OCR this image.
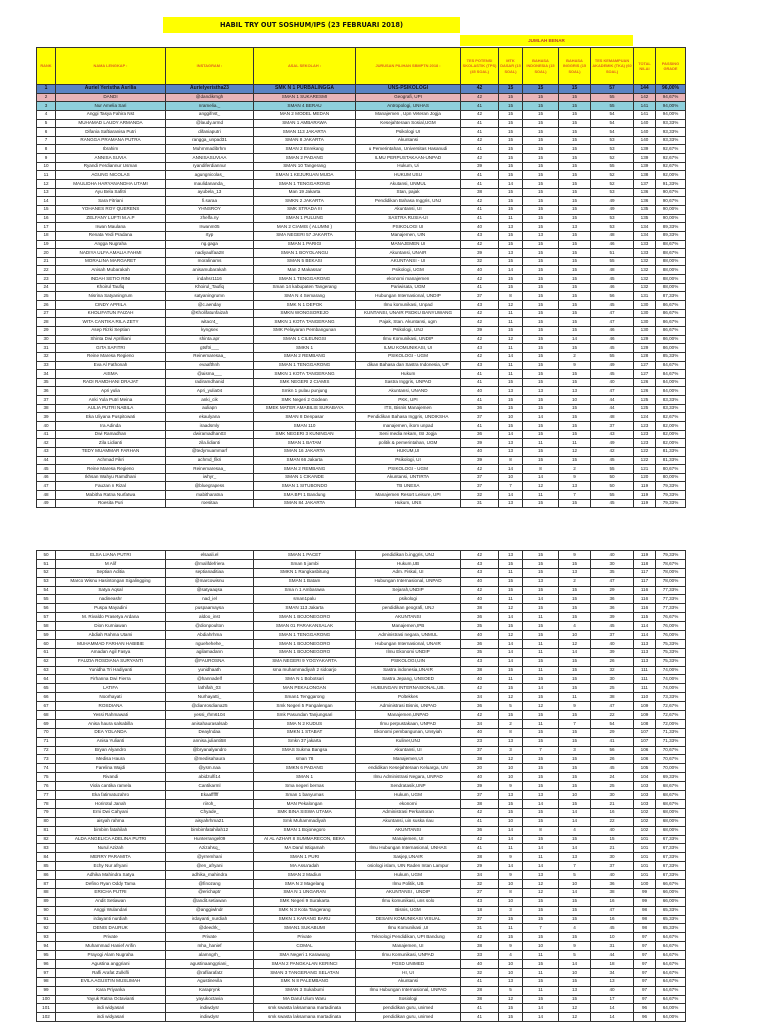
HABIL TRY OUT SOSHUM/IPS (23 FEBRUARI 2018)
JUMLAH BENAR
RANK	NAMA LENGKAP :	INSTAGRAM :	ASAL SEKOLAH :	JURUSAN PILIHAN SBMPTN 2018 :	TES POTENSI SKOLASTIK (TPS) (45 SOAL)	MTK DASAR (15 SOAL)	BAHASA INDONESIA (15 SOAL)	BAHASA INGGRIS (15 SOAL)	TES KEMAMPUAN AKADEMIK (TKA) (60 SOAL)	TOTAL NILAI	PASSING GRADE
1	Auriel Yeristha Asrilia	Aurielyeristha23	SMK N 1 PURBALINGGA	UNS-PSIKOLOGI	42	15	15	15	57	144	96,00%
2	DANDI	@dandikrngh	SMAN 1 SUKARESMI	Geografi, UPI	42	15	15	15	55	142	94,67%
3	Nur Amelia Sari	nramelia._	SMAN 4 BERAU	Antropologi, UNHAS	41	15	15	15	55	141	94,00%
4	Anggi Tasya Fahira Nst	anggifnst_	MAN 2 MODEL MEDAN	Manajemen , Upn Veteran Jogja	42	15	15	15	54	141	94,00%
5	MUHAMAD LAUDY ARMANDA	@laudy.armd	SMAN 1 AMBARAWA	Kesejahteraan Sosial,UGM	41	15	15	15	54	140	93,33%
6	Difania Saftiaranisa Putri	difaniaputri	SMAN 113 JAKARTA	Psikologi UI	41	15	15	15	54	140	93,33%
7	RANGGA PRAMANA PUTRA	rangga_unpad31	SMAN 8 JAKARTA	Akuntansi	42	15	15	15	53	140	93,33%
8	Ibrahim	Muhmmadibrhm	SMAN 2 Enrekang	u Pemerintahan, Universitas Hasanudi	41	15	15	15	53	139	92,67%
9	ANNISA SUVIA	ANNISASUVIAA	SMAN 2 PADANG	ILMU PERPUSTAKAAN-UNPAD	42	15	15	15	52	139	92,67%
10	Ryandi Ferdiannur Usman	ryandiferdiannur	SMAN 10 Tangerang	Hukum, Ui	39	15	15	15	55	139	92,67%
11	AGUNG NICOLAS	agungnicolas_	SMAN 1 KEJURUAN MUDA	HUKUM USU	41	15	15	15	52	138	92,00%
12	MAULIDHA HARYANANDHA UTAMI	maulidananda_	SMAN 1 TENGGARONG	Akutansi, UNMUL	41	14	15	15	52	137	91,33%
13	Ayu Bela Safitri	ayubela_13	Man 19 Jakarta	Stan, pajak	38	15	15	15	53	136	90,67%
14	Sara Fitriani	fi.saraa	SMKN 2 JAKARTA	Pendidikan Bahasa Inggris, UNJ	42	15	15	15	49	136	90,67%
15	YOHANES ROY QUERENS	YHNSROY	SMK STRADA III	Akuntansi, UI	41	15	15	15	49	135	90,00%
16	ZELFANY LUFTI M.A.P	zhelfa.ny	SMAN 1 PULUNG	SASTRA RUSIA-UI	41	11	15	15	53	135	90,00%
17	Irwan Maulana	Irwanm05	MAN 2 CIAMIS ( ALUMNI )	PSIKOLOGI UI	40	13	15	13	53	134	89,33%
18	Renata Yedi Pradana	rtyp	SMA NEGERI 57 JAKARTA	Manajemen, UIN	43	15	13	15	48	134	89,33%
19	Angga Nugraha	ng.gaga	SMAN 1 PARIGI	MANAJEMEN UI	42	15	15	15	46	133	88,67%
20	NADIYA ULFA AMALIA FAHMI	nadiyaulfaa28	SMAN 1 BOYOLANGU	Akuntansi, UNAIR	39	13	15	15	51	133	88,67%
21	MORALINA MARGARET	moralinams	SMAN 5 BEKASI	AKUNTANSI - UI	32	15	15	15	55	132	88,00%
22	Anisah Mubarakah	anisamubarakah	Man 2 Makassar	Psikologi, UGM	40	14	15	15	48	132	88,00%
23	INDAH SETIO RINI	indahsr1116	SMAN 1 TENGGARONG	ekonomi manajemen	42	15	15	15	45	132	88,00%
24	Khoirul Taufiq	Khoirul_Taufiq	Sman 14 kabupaten Tangerang	Pariwisata, UGM	41	15	15	15	46	132	88,00%
25	Nisrina Satyaningrum	satyaningrumn	SMA N 4 Semarang	Hubungan Internasional, UNDIP	37	8	15	15	56	131	87,33%
26	CINDY APRILA	@c.aenday	SMK N 1 DEPOK	Ilmu komunikasi, Unpad	43	12	15	15	45	130	86,67%
27	KHOLIFATUN FAIZAH	@Kholifatunfaizah	SMKN WONGSOREJO	KUNTANSI, UNAIR PSDKU BANYUWANG	42	11	15	15	47	130	86,67%
28	WITA CANTIKA RILA ZETY	witacr4_	SMKN 1 KOTA TANGERANG	Pajak, Stan. Akuntansi, ugm	42	11	15	15	47	130	86,67%
29	Asep Rizki Septian	kyngsex	SMK Pelayaran Pembangunan	Psikologi, UNJ	39	15	15	15	46	130	86,67%
30	Shinta Dwi Aprilliani	shinta.apr	SMAN 1 CILEUNGSI	Ilmu Komunikasi, UNDIP	42	12	15	14	46	129	86,00%
31	GITA SAFITRI	gtsftri___	SMKN 1	ILMU KOMUNIKASI, UI	43	11	15	15	45	129	86,00%
32	Reine Maresa Regieno	Reinemaresaa_	SMAN 2 REMBANG	PSIKOLOGI - UGM	42	14	15	2	55	128	85,33%
33	Eva Al Fathonah	evaafthnh	SMAN 1 TENGGARONG	dikan Bahasa dan Sastra Indonesia, UP	43	11	15	9	49	127	84,67%
34	AISMA	@aisma___	SMKN 1 KOTA TANGERANG	Hukum	41	11	15	15	45	127	84,67%
35	RADI RAMDHANI DRAJAT	radiramdhanid	SMK NEGERI 2 CIAMIS	Sastra Inggris, UNPAD	41	15	15	15	40	126	84,00%
36	Apri yulia	Apri_yulia04	Smkn 1 pulau punjung	Akuntansi, UNAND	40	13	13	13	47	126	84,00%
37	Anki Yula Putri Meina	anki_cik	SMK Negeri 2 Godean	PKK, UPI	41	15	15	10	44	125	83,33%
38	AULIA PUTRI NABILA	auliapn	SMEK MATER AMABILIS SURABAYA	ITS, Bisnis Manajemen	36	15	15	15	44	125	83,33%
39	Eka Uliyana Puspitowati	ekaulyana	SMAN 8 Denpasar	Pendidikan Bahasa Inggris, UNDIKSHA	37	10	14	15	48	124	82,67%
40	Ira Adinda	iraadsmly	SMAN 110	manajemen, ikom unpad	41	15	15	15	37	123	82,00%
41	Dwi Ramadhan	dwiramadhan03	SMK NEGERI 3 KUNINGAN	Seni media rekam, ISI Jogja	36	14	15	15	43	123	82,00%
42	Zila Lidianti	zila.lidianti	SMAN 1 BATAM	politik & pemerintahan, UGM	39	13	11	11	49	123	82,00%
43	TEDY MUAMMAR FARHAN	@tedymuammarf	SMAN 16 JAKARTA	HUKUM,UI	40	13	15	12	42	122	81,33%
44	Achmad Fikri	achmd_fikri	SMAN 66 Jakarta	Psikologi, UI	39	8	15	15	45	122	81,33%
45	Reine Maresa Regieno	Reinemaresaa_	SMAN 2 REMBANG	PSIKOLOGI - UGM	42	14	8	2	55	121	80,67%
46	Ikhsan Wahyu Ramdhani	iwhyr_	SMAN 1 CIKANDE	Akuntansi, UNTIRTA	37	10	14	9	50	120	80,00%
47	Fauzan n Rizal	@bluegrapess	SMAN 1 SITUBONDO	TB UNESA	37	7	12	13	50	119	79,33%
48	Mabitha Ratna Nurfatwa	mabitharatna	SMA BPI 1 Bandung	Manajemen Resort Leisure, UPI	32	14	11	7	55	119	79,33%
49	Roesita Puri	roesitaa	SMAN 84 JAKARTA	Hukum, UNS	31	13	15	15	45	119	79,33%
50	ELSA LIANA PUTRI	elsaali.el	SMAN 1 PACET	pendidikan b.inggris, UNJ	42	13	15	9	40	119	79,33%
51	M Alif	@malifdefriera	Sman 5 jambi	Hukum,UB	43	15	15	15	30	118	78,67%
52	Septian Aditia	septianaditiaa	SMKN 1 Rangkasbitung	Adm. Fiskal, UI	43	11	15	13	35	117	78,00%
53	Marco Wisnu Hasintongan Sigalingging	@marcowisnu	SMAN 1 Batam	Hubungan Internasional, UNPAD	40	15	13	2	47	117	78,00%
54	Satya Aqsal	@satyaaqsa	Sma n 1 Ambarawa	Sejarah,UNDIP	42	15	15	15	29	116	77,33%
55	nadineashr	nad_iel	sman1palu	psikologi	40	11	14	15	36	116	77,33%
56	Puspa Mayadini	puspaamaysa	SMAN 113 Jakarta	pendidikan geografi, UNJ	38	12	15	15	36	116	77,33%
57	M. Rivaldo Prasetya Ardana	aldoo_inst	SMAN 1 BOJONEGORO	AKUNTANSI	36	14	11	15	39	115	76,67%
58	Dion Kurniawan	@dionpoulton	SMAN 01 PARAKANSALAK	Manajemen,IPB	35	15	15	4	45	114	76,00%
59	Abdiah Rahma Utami	Abdiahrhma	SMAN 1 TENGGARONG	Administrasi negara, UNMUL	40	12	15	10	37	114	76,00%
60	MUHAMMAD FARHAN HABIBIE	nguehehehe_	SMAN 1 BOJONEGORO	Hubungan Internasional, UNAIR	36	14	11	12	40	113	75,33%
61	Amadan Agil Fasya	agilamadann	SMAN 1 BOJONEGORO	Ilmu Ekonomi UNDIP	35	14	11	14	39	113	75,33%
62	FAUZIA ROSDIANA SURYANTI	@FAUROSNA	SMA NEGERI 9 YOGYAKARTA	PSIKOLOGI,UIN	43	14	15	15	26	113	75,33%
63	Yunidha Tri Hadiyanti	yunidhaath	sma muhammadiyah 2 sidoarjo	Sastra indonesia,UNAIR	38	15	11	15	32	111	74,00%
64	Firhanna Dwi Fierra	@hannadelf	SMA N 1 Bobotsari	Sastra Jepang, UNSOED	40	11	15	15	30	111	74,00%
65	LATIFA	lathifah_03	MAN PEKALONGAN	HUBUNGAN INTERNASIONAL,UB.	42	15	14	15	25	111	74,00%
66	Noorhayati	Nurhayatti_	Sman1 Tenggarong	Poltekkes	34	12	15	11	38	110	73,33%
67	ROSDIANA	@dianrosdiana25	Smk Negeri 5 Pangalengan	Administrasi Bisnis, UNPAD	36	5	12	9	47	109	72,67%
68	Yessi Rahmawati	yessi_rhm6104	Smk Pasundan Tanjungsari	Manajemen,UNPAD	42	15	15	15	22	109	72,67%
69	Anisa haura salsabilla	anisahaurasalsab	SMA N 2 KUDUS	Ilmu perpustakaan, UNPAD	34	2	11	7	54	108	72,00%
70	DEA YOLANDA	Deaylndaa	SMKN 1 STABAT	Ekonomi pembangunan, Unsyiah	40	8	15	15	29	107	71,33%
71	Anisa Yulianti	annisa.julianti58	Smkn 37 jakarta	Kuliner,UNJ	23	13	15	15	41	107	71,33%
72	Bryan Alyandro	@bryanalyandro	SMAS Sukma Bangsa	Akuntansi, UI	37	3	7	3	56	106	70,67%
73	Medisa Haura	@medisahaura	sman 78	Manajemen,UI	38	12	15	15	26	106	70,67%
74	Farelina Wajdi	@ysm.naa	SMKN 6 PADANG	endidikan Kesejahteraan Keluarga, UN	20	10	15	15	45	105	70,00%
75	Rivandi	abidzulfi14	SMAN 1	Ilmu Administrasi Negara, UNPAD	40	10	15	15	24	104	69,33%
76	Viola cantika ramela	Cantikarml	Sma negeri bernas	Sendratasik,UNP	39	9	15	15	25	103	68,67%
77	Eka fatimatuzahro	Ekaaffffff	Sman 1 banyumas	Hukum, UGM	37	13	13	10	30	103	68,67%
78	Horirotul Janah	riiroh_	MAN Pekalongan	ekonomi	38	15	14	15	21	103	68,67%
79	Erni Dwi Cahyani	Chyade_	SMK BINA SISWA UTAMA	Administrasi Perkantoran	42	15	15	14	16	102	68,00%
80	aisyah rahma	aisyahrhma21	Smk Muhammadiyah	Akuntansi, uin suska riau	41	10	15	14	22	102	68,00%
81	bimbim fatahilah	bimbimfatahilah12	SMAN 1 Bojonegoro	AKUNTANSI	36	14	8	4	40	102	68,00%
82	ALDA ANGELICA ADELINA PUTRI	Hunterrangel09	AI AL AZHAR 8 SUMMARECON, BEKA	Manajemen, UI	42	14	15	15	15	101	67,33%
83	Nurul Azizah	Azizahsq_	MA Darul Istiqamah	Ilmu Hubungan Internasional, UNHAS	41	11	14	14	21	101	67,33%
84	MERRY PARAMITA	@yrremhani	SMAN 1 PURI	Sasjep,UNAIR	38	9	11	13	30	101	67,33%
85	Echy Nur afryani	@en_afryani	MA Assa'adah	osiologi islam, UIN Raden Intan Lampur	29	14	14	7	37	101	67,33%
86	Adhika Mahindra Satya	adhika_mahindra	SMAN 2 Madiun	Hukum, UGM	34	9	13	5	40	101	67,33%
87	Defino Ryan Oddy Tama	@finozang	SMA N 2 Magelang	Ilmu Politik, UB	32	10	12	10	36	100	66,67%
88	ERICHA PUTRI	@erichaptr	SMA N 1 UNGARAN	AKUNTANSI , UNDIP	27	8	12	14	38	99	66,00%
89	Andit Setiawan	@andit.setiawan	SMK Negeri 9 Surakarta	Ilmu komunikasi, uns solo	43	10	15	15	16	99	66,00%
90	Anggi Wulandari	@anggiwlndr	SMK N 3 Kota Tangerang	Bisnis, UGM	18	3	15	15	47	98	65,33%
91	irdayanti nurdiah	irdayanti_nurdiah	SMKN 1 KARANG BARU	DESAIN KOMUNIKASI VISUAL	37	15	15	15	16	98	65,33%
92	DENIS DAURUK	@deedrk_	SMAN1 SUKABUMI	Ilmu Komunikasi ,UI	31	11	7	4	45	98	65,33%
93	Private	Private	Private	Teknologi Pendidikan, UPI Bandung	42	15	15	15	10	97	64,67%
94	Muhammad Hanief Arifin	mha_hanief	COMAL	Manajemen, UI	38	9	10	9	31	97	64,67%
95	Prayogi Alam Nugraha	alamngrh_	SMA Negeri 1 Karawang	Ilmu Komunikasi, UNPAD	33	4	11	5	44	97	64,67%
96	Agustina anggriani	agustinaanggriani_	SMAN 2 PANGKALAN KERINCI	PGSD UNIMED	40	10	15	14	18	97	64,67%
97	Rafli Arafat Zulkifli	@rafliarafatz	SMAN 3 TANGERANG SELATAN	HI, UI	32	10	11	10	34	97	64,67%
98	EVILA AGUSTIN MUSLIMAH	Agustinevila	SMK N 8 PALEMBANG	Akuntansi	41	13	15	15	13	97	64,67%
99	Kara Priyanka	Karaprynk	SMAN 3 Sukabumi	Ilmu Hubungan Internasional, UNPAD	28	5	11	13	40	97	64,67%
100	Yayuk Ratna Octavianti	yayukoctavia	MA Darul Ulum Waru	Sosiologi	38	12	15	15	17	97	64,67%
101	indi widyasari	indiwdysr	smk swasta laksamana martadinata	pendidikan guru, unimed	41	15	14	12	14	96	64,00%
102	indi widyasari	indiwdysr	smk swasta laksamana martadinata	pendidikan guru, unimed	41	15	14	12	14	96	64,00%
